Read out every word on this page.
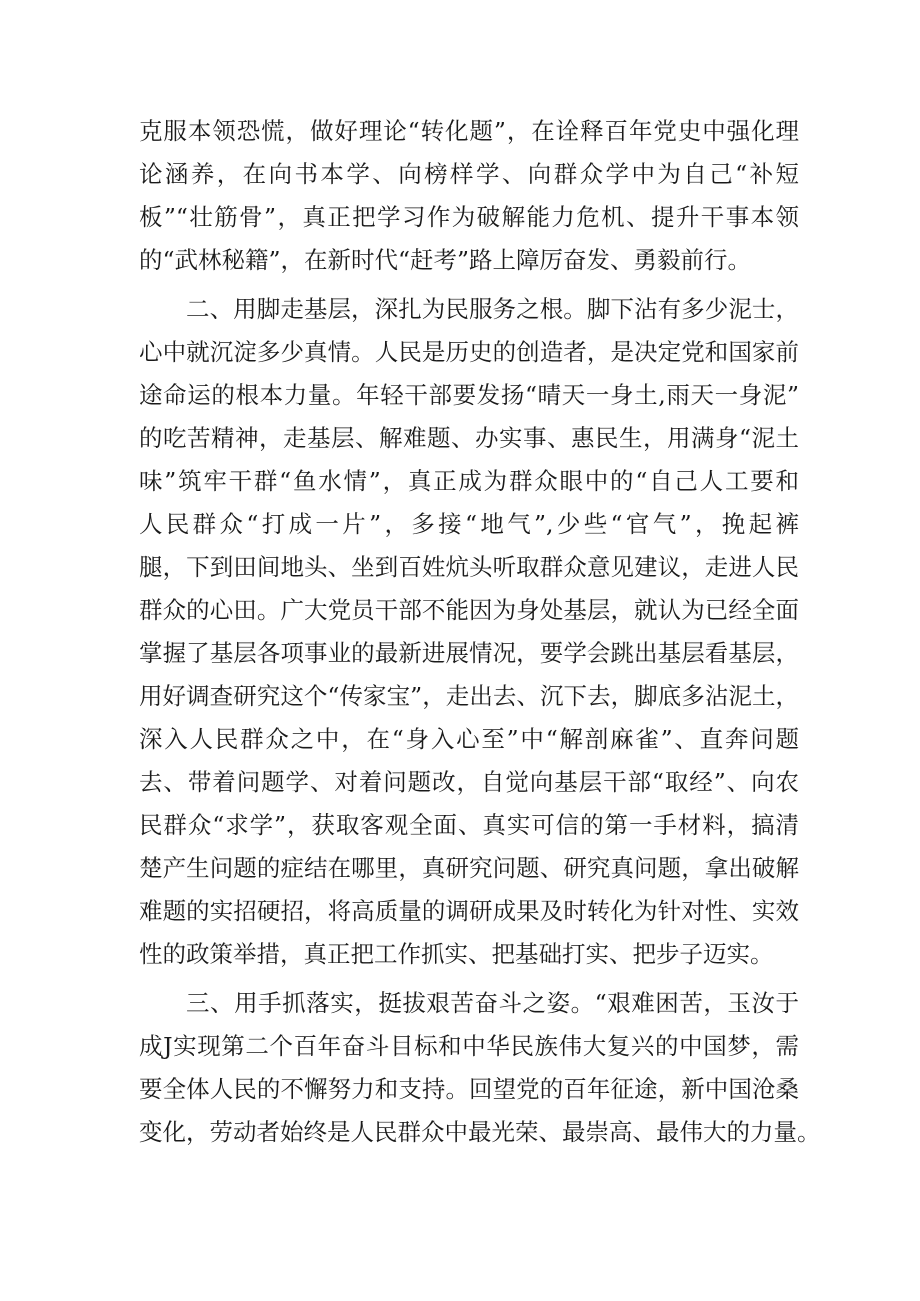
克服本领恐慌，做好理论“转化题”，在诠释百年党史中强化理
论涵养，在向书本学、向榜样学、向群众学中为自己“补短
板”“壮筋骨”，真正把学习作为破解能力危机、提升干事本领
的“武林秘籍”，在新时代“赶考”路上障厉奋发、勇毅前行。
二、用脚走基层，深扎为民服务之根。脚下沾有多少泥士，
心中就沉淀多少真情。人民是历史的创造者，是决定党和国家前
途命运的根本力量。年轻干部要发扬“晴天一身土,雨天一身泥”
的吃苦精神，走基层、解难题、办实事、惠民生，用满身“泥土
味”筑牢干群“鱼水情”，真正成为群众眼中的“自己人工要和
人民群众“打成一片”，多接“地气”,少些“官气”，挽起裤
腿，下到田间地头、坐到百姓炕头听取群众意见建议，走进人民
群众的心田。广大党员干部不能因为身处基层，就认为已经全面
掌握了基层各项事业的最新进展情况，要学会跳出基层看基层，
用好调查研究这个“传家宝”，走出去、沉下去，脚底多沾泥土，
深入人民群众之中，在“身入心至”中“解剖麻雀”、直奔问题
去、带着问题学、对着问题改，自觉向基层干部“取经”、向农
民群众“求学”，获取客观全面、真实可信的第一手材料，搞清
楚产生问题的症结在哪里，真研究问题、研究真问题，拿出破解
难题的实招硬招，将高质量的调研成果及时转化为针对性、实效
性的政策举措，真正把工作抓实、把基础打实、把步子迈实。
三、用手抓落实，挺拔艰苦奋斗之姿。“艰难困苦，玉汝于
成J实现第二个百年奋斗目标和中华民族伟大复兴的中国梦，需
要全体人民的不懈努力和支持。回望党的百年征途，新中国沧桑
变化，劳动者始终是人民群众中最光荣、最崇高、最伟大的力量。
